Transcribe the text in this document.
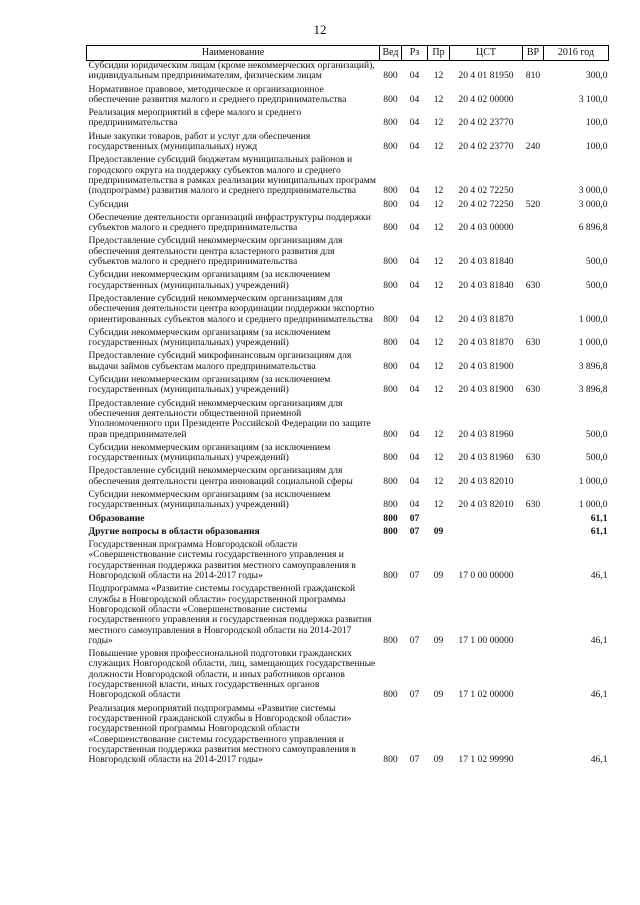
12
Наименование	Вед	Рз	Пр	ЦСТ	ВР	2016 год
Субсидии юридическим лицам (кроме некоммерческих организаций), индивидуальным предпринимателям, физическим лицам	800	04	12	20 4 01 81950	810	300,0
Нормативное правовое, методическое и организационное обеспечение развития малого и среднего предпринимательства	800	04	12	20 4 02 00000		3 100,0
Реализация мероприятий в сфере малого и среднего предпринимательства	800	04	12	20 4 02 23770		100,0
Иные закупки товаров, работ и услуг для обеспечения государственных (муниципальных) нужд	800	04	12	20 4 02 23770	240	100,0
Предоставление субсидий бюджетам муниципальных районов и городского округа на поддержку субъектов малого и среднего предпринимательства в рамках реализации муниципальных программ (подпрограмм) развития малого и среднего предпринимательства	800	04	12	20 4 02 72250		3 000,0
Субсидии	800	04	12	20 4 02 72250	520	3 000,0
Обеспечение деятельности организаций инфраструктуры поддержки субъектов малого и среднего предпринимательства	800	04	12	20 4 03 00000		6 896,8
Предоставление субсидий некоммерческим организациям для обеспечения деятельности центра кластерного развития для субъектов малого и среднего предпринимательства	800	04	12	20 4 03 81840		500,0
Субсидии некоммерческим организациям (за исключением государственных (муниципальных) учреждений)	800	04	12	20 4 03 81840	630	500,0
Предоставление субсидий некоммерческим организациям для обеспечения деятельности центра координации поддержки экспортно ориентированных субъектов малого и среднего предпринимательства	800	04	12	20 4 03 81870		1 000,0
Субсидии некоммерческим организациям (за исключением государственных (муниципальных) учреждений)	800	04	12	20 4 03 81870	630	1 000,0
Предоставление субсидий микрофинансовым организациям для выдачи займов субъектам малого предпринимательства	800	04	12	20 4 03 81900		3 896,8
Субсидии некоммерческим организациям (за исключением государственных (муниципальных) учреждений)	800	04	12	20 4 03 81900	630	3 896,8
Предоставление субсидий некоммерческим организациям для обеспечения деятельности общественной приемной Уполномоченного при Президенте Российской Федерации по защите прав предпринимателей	800	04	12	20 4 03 81960		500,0
Субсидии некоммерческим организациям (за исключением государственных (муниципальных) учреждений)	800	04	12	20 4 03 81960	630	500,0
Предоставление субсидий некоммерческим организациям для обеспечения деятельности центра инноваций социальной сферы	800	04	12	20 4 03 82010		1 000,0
Субсидии некоммерческим организациям (за исключением государственных (муниципальных) учреждений)	800	04	12	20 4 03 82010	630	1 000,0
Образование	800	07				61,1
Другие вопросы в области образования	800	07	09			61,1
Государственная программа Новгородской области «Совершенствование системы государственного управления и государственная поддержка развития местного самоуправления в Новгородской области на 2014-2017 годы»	800	07	09	17 0 00 00000		46,1
Подпрограмма «Развитие системы государственной гражданской службы в Новгородской области» государственной программы Новгородской области «Совершенствование системы государственного управления и государственная поддержка развития местного самоуправления в Новгородской области на 2014-2017 годы»	800	07	09	17 1 00 00000		46,1
Повышение уровня профессиональной подготовки гражданских служащих Новгородской области, лиц, замещающих государственные должности Новгородской области, и иных работников органов государственной власти, иных государственных органов Новгородской области	800	07	09	17 1 02 00000		46,1
Реализация мероприятий подпрограммы «Развитие системы государственной гражданской службы в Новгородской области» государственной программы Новгородской области «Совершенствование системы государственного управления и государственная поддержка развития местного самоуправления в Новгородской области на 2014-2017 годы»	800	07	09	17 1 02 99990		46,1
